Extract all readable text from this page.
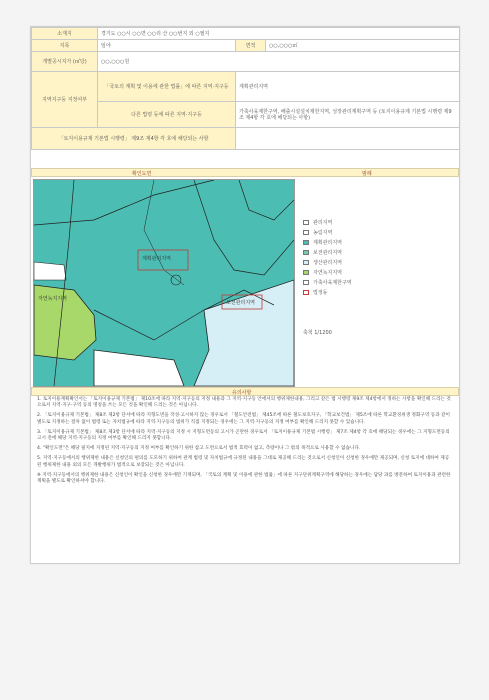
소재지	경기도 ○○시 ○○면 ○○리 산 ○○번지 외 ○필지		
지목	임야	면적	○○,○○○㎡
개별공시지가 (㎡당)	○○,○○○원		
지역지구등 지정여부	「국토의 계획 및 이용에 관한 법률」에 따른 지역·지구등	계획관리지역	
	다른 법령 등에 따른 지역·지구등	가축사육제한구역, 배출시설설치제한지역, 성장관리계획구역 등 (토지이용규제 기본법 시행령 제9조 제4항 각 호에 해당되는 사항)	
「토지이용규제 기본법 시행령」 제9조 제4항 각 호에 해당되는 사항			
확인도면	범례
계획관리지역
보전관리지역
자연녹지지역
관리지역
농림지역
계획관리지역
보전관리지역
생산관리지역
자연녹지지역
가축사육제한구역
법정동
축척 1/1200
유의사항

1. 토지이용계획확인서는 「토지이용규제 기본법」 제10조에 따라 지역·지구등의 지정 내용과 그 지역·지구등 안에서의 행위제한내용, 그리고 같은 법 시행령 제9조 제4항에서 정하는 사항을 확인해 드리는 것으로서 지역·지구·구역 등의 명칭을 쓰는 모든 것을 확인해 드리는 것은 아닙니다.

2. 「토지이용규제 기본법」 제8조 제2항 단서에 따라 지형도면을 작성·고시하지 않는 경우로서 「철도안전법」 제45조에 따른 철도보호지구, 「학교보건법」 제5조에 따른 학교환경위생 정화구역 등과 같이 별도로 지정하는 절차 없이 법령 또는 자치법규에 따라 지역·지구등의 범위가 직접 지정되는 경우에는 그 지역·지구등의 지정 여부를 확인해 드리지 못할 수 있습니다.

3. 「토지이용규제 기본법」 제8조 제3항 단서에 따라 지역·지구등의 지정 시 지형도면등의 고시가 곤란한 경우로서 「토지이용규제 기본법 시행령」 제7조 제4항 각 호에 해당되는 경우에는 그 지형도면등의 고시 전에 해당 지역·지구등의 지정 여부를 확인해 드리지 못합니다.

4. "확인도면"은 해당 필지에 지정된 지역·지구등의 지정 여부를 확인하기 위한 참고 도면으로서 법적 효력이 없고, 측량이나 그 밖의 목적으로 사용할 수 없습니다.

5. 지역·지구등에서의 행위제한 내용은 신청인의 편의를 도모하기 위하여 관계 법령 및 자치법규에 규정된 내용을 그대로 제공해 드리는 것으로서 신청인이 신청한 경우에만 제공되며, 신청 토지에 대하여 제공된 행위제한 내용 외의 모든 개발행위가 법적으로 보장되는 것은 아닙니다.

※ 지역·지구등에서의 행위제한 내용은 신청인이 확인을 신청한 경우에만 기재되며, 「국토의 계획 및 이용에 관한 법률」에 따른 지구단위계획구역에 해당하는 경우에는 담당 과를 방문하여 토지이용과 관련한 계획을 별도로 확인하셔야 합니다.
